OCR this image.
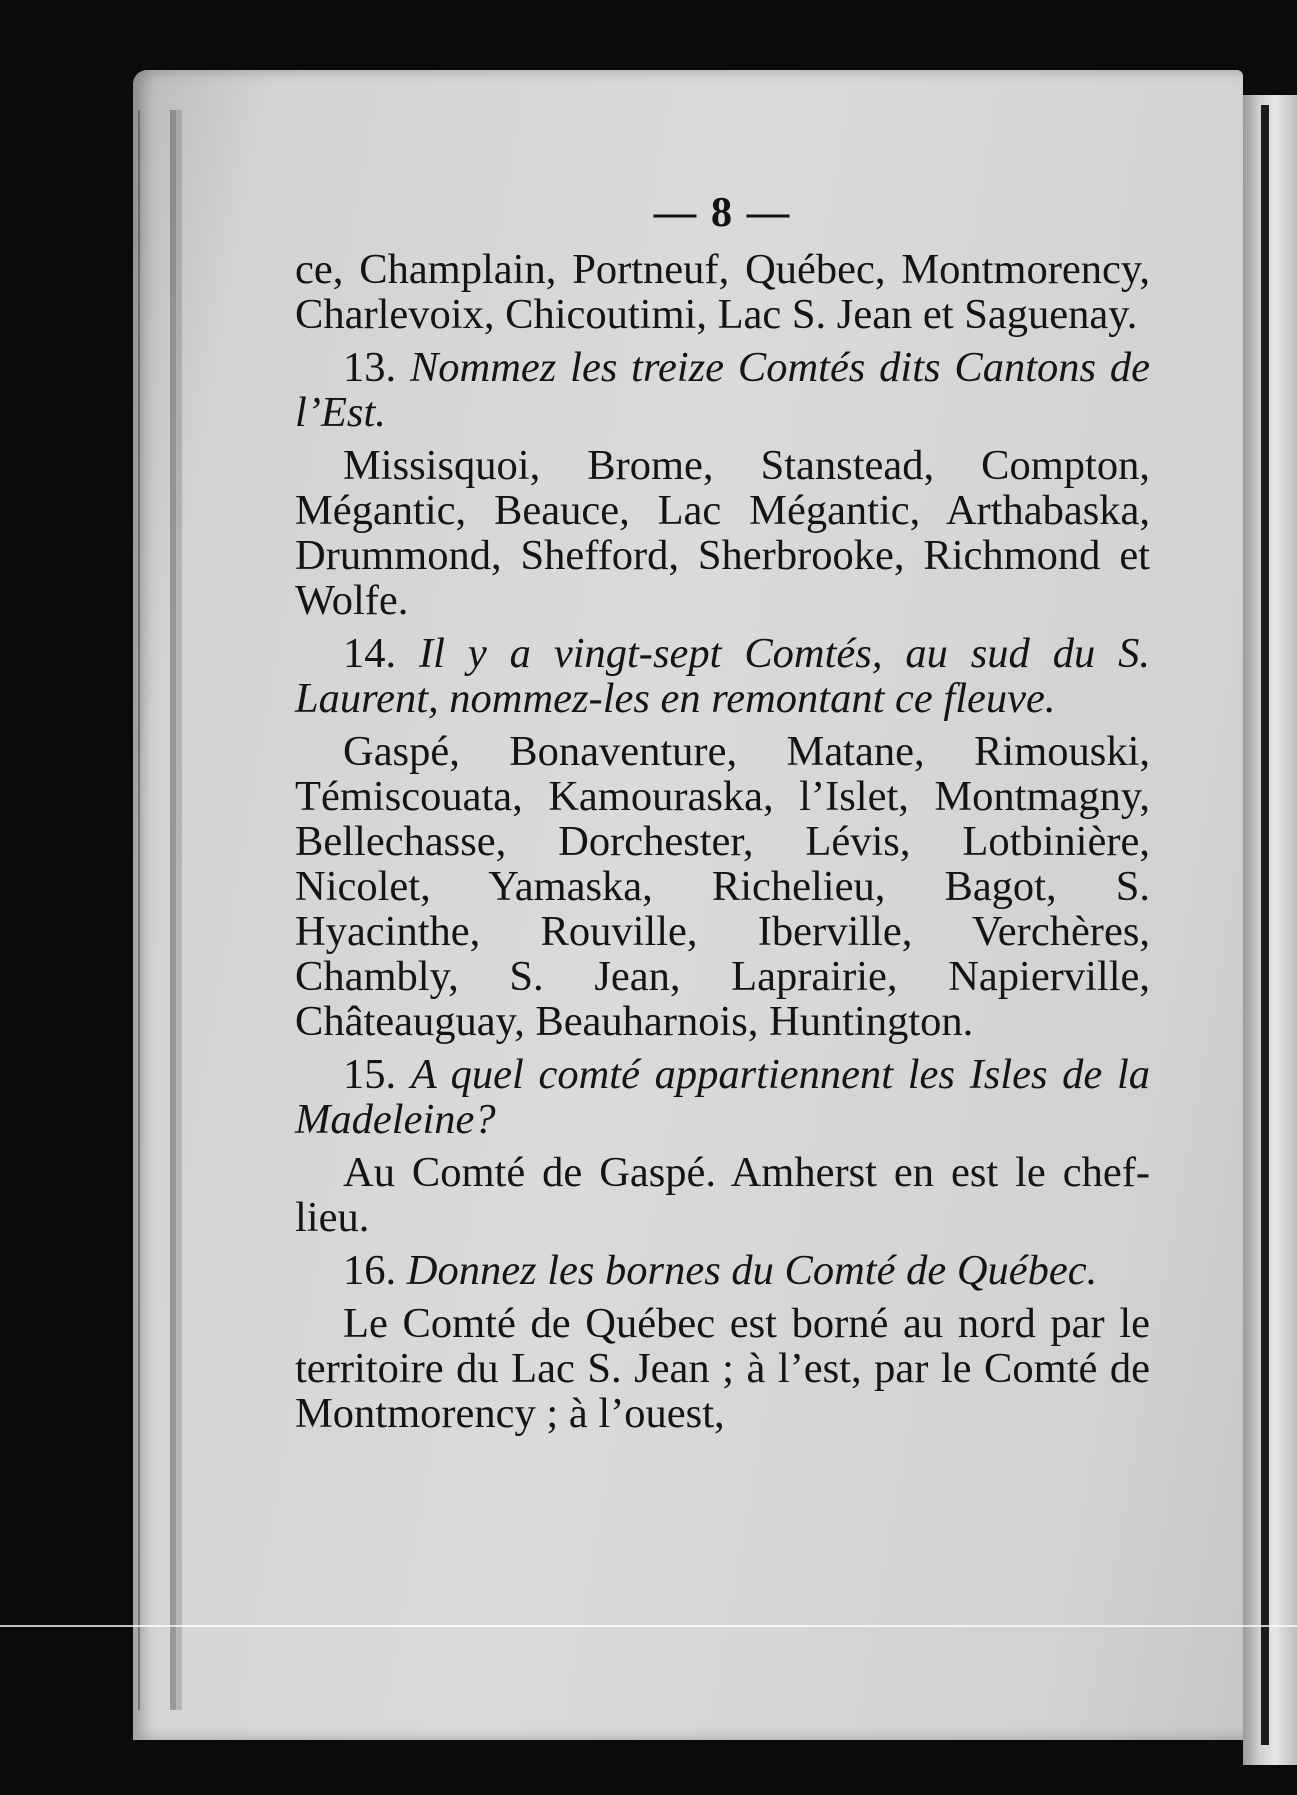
— 8 —

ce, Champlain, Portneuf, Québec, Montmorency, Charlevoix, Chicoutimi, Lac S. Jean et Saguenay.

13. Nommez les treize Comtés dits Cantons de l’Est.

Missisquoi, Brome, Stanstead, Compton, Mégantic, Beauce, Lac Mégantic, Arthabaska, Drummond, Shefford, Sherbrooke, Richmond et Wolfe.

14. Il y a vingt-sept Comtés, au sud du S. Laurent, nommez-les en remontant ce fleuve.

Gaspé, Bonaventure, Matane, Rimouski, Témiscouata, Kamouraska, l’Islet, Montmagny, Bellechasse, Dorchester, Lévis, Lotbinière, Nicolet, Yamaska, Richelieu, Bagot, S. Hyacinthe, Rouville, Iberville, Verchères, Chambly, S. Jean, Laprairie, Napierville, Châteauguay, Beauharnois, Huntington.

15. A quel comté appartiennent les Isles de la Madeleine?

Au Comté de Gaspé. Amherst en est le chef-lieu.

16. Donnez les bornes du Comté de Québec.

Le Comté de Québec est borné au nord par le territoire du Lac S. Jean ; à l’est, par le Comté de Montmorency ; à l’ouest,
